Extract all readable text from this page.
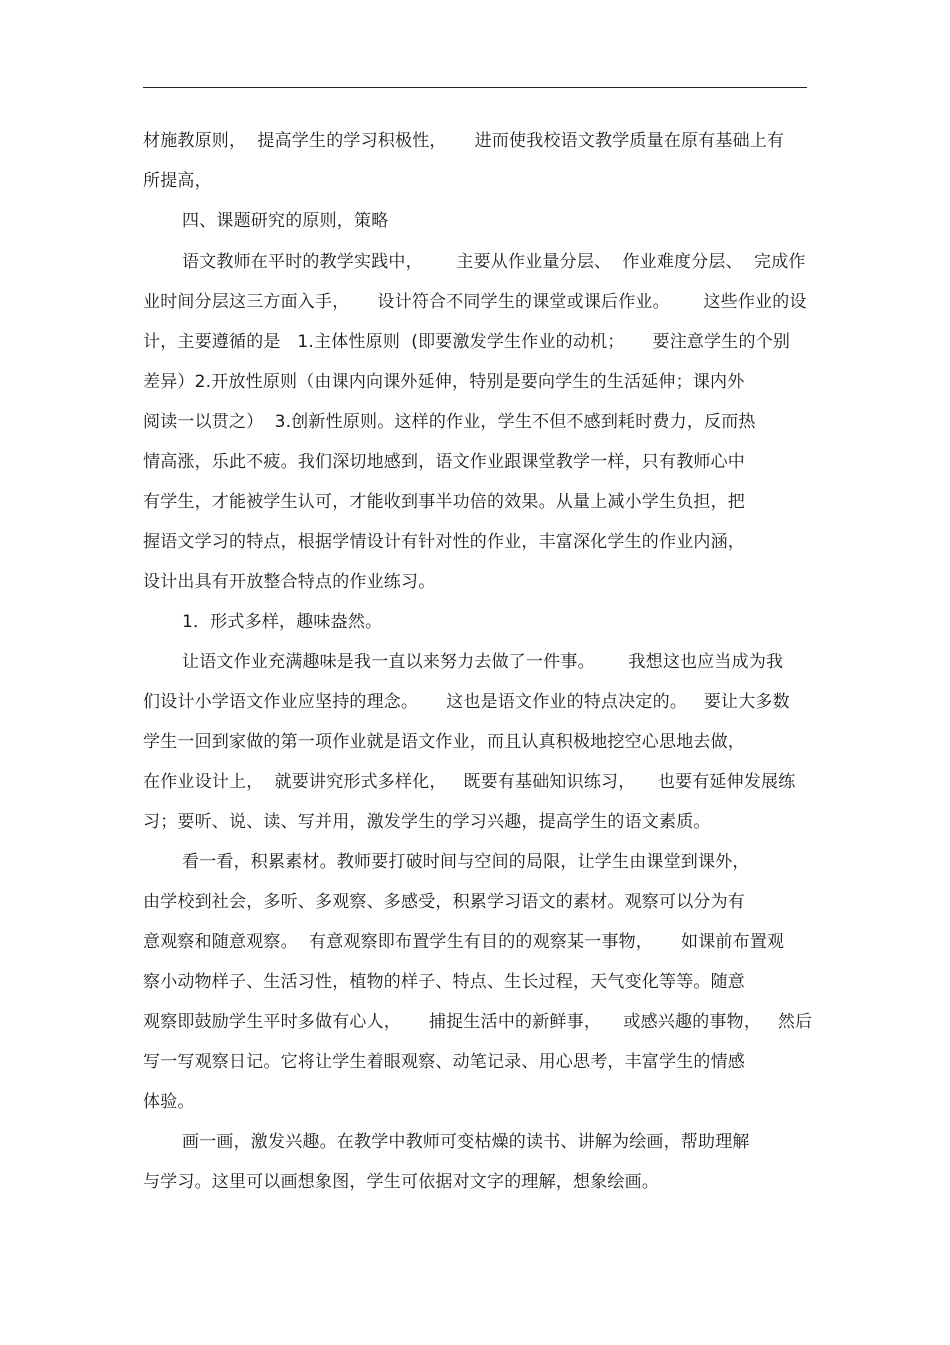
材施教原则，  提高学生的学习积极性，     进而使我校语文教学质量在原有基础上有
所提高，
四、课题研究的原则，策略
语文教师在平时的教学实践中，      主要从作业量分层、  作业难度分层、  完成作
业时间分层这三方面入手，     设计符合不同学生的课堂或课后作业。      这些作业的设
计，主要遵循的是   1.主体性原则  (即要激发学生作业的动机；     要注意学生的个别
差异）2.开放性原则（由课内向课外延伸，特别是要向学生的生活延伸；课内外
阅读一以贯之）  3.创新性原则。这样的作业，学生不但不感到耗时费力，反而热
情高涨，乐此不疲。我们深切地感到，语文作业跟课堂教学一样，只有教师心中
有学生，才能被学生认可，才能收到事半功倍的效果。从量上减小学生负担，把
握语文学习的特点，根据学情设计有针对性的作业，丰富深化学生的作业内涵，
设计出具有开放整合特点的作业练习。
1．形式多样，趣味盎然。
让语文作业充满趣味是我一直以来努力去做了一件事。      我想这也应当成为我
们设计小学语文作业应坚持的理念。     这也是语文作业的特点决定的。   要让大多数
学生一回到家做的第一项作业就是语文作业，而且认真积极地挖空心思地去做，
在作业设计上，  就要讲究形式多样化，   既要有基础知识练习，    也要有延伸发展练
习；要听、说、读、写并用，激发学生的学习兴趣，提高学生的语文素质。
看一看，积累素材。教师要打破时间与空间的局限，让学生由课堂到课外，
由学校到社会，多听、多观察、多感受，积累学习语文的素材。观察可以分为有
意观察和随意观察。  有意观察即布置学生有目的的观察某一事物，     如课前布置观
察小动物样子、生活习性，植物的样子、特点、生长过程，天气变化等等。随意
观察即鼓励学生平时多做有心人，     捕捉生活中的新鲜事，    或感兴趣的事物，   然后
写一写观察日记。它将让学生着眼观察、动笔记录、用心思考，丰富学生的情感
体验。
画一画，激发兴趣。在教学中教师可变枯燥的读书、讲解为绘画，帮助理解
与学习。这里可以画想象图，学生可依据对文字的理解，想象绘画。
